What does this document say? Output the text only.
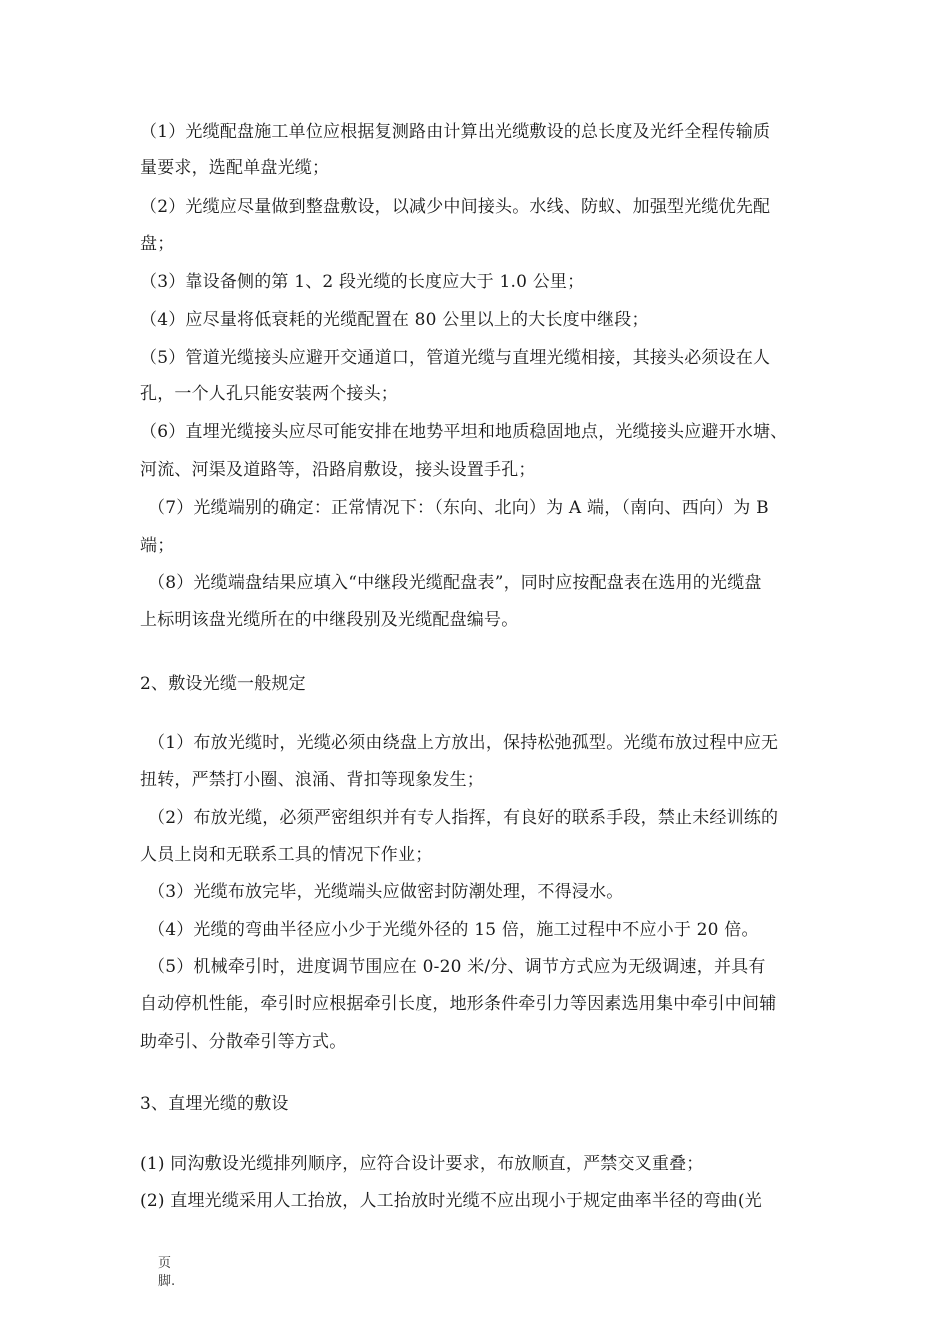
（1）光缆配盘施工单位应根据复测路由计算出光缆敷设的总长度及光纤全程传输质
量要求，选配单盘光缆；
（2）光缆应尽量做到整盘敷设，以减少中间接头。水线、防蚁、加强型光缆优先配
盘；
（3）靠设备侧的第 1、2 段光缆的长度应大于 1.0 公里；
（4）应尽量将低衰耗的光缆配置在 80 公里以上的大长度中继段；
（5）管道光缆接头应避开交通道口，管道光缆与直埋光缆相接，其接头必须设在人
孔，一个人孔只能安装两个接头；
（6）直埋光缆接头应尽可能安排在地势平坦和地质稳固地点，光缆接头应避开水塘、
河流、河渠及道路等，沿路肩敷设，接头设置手孔；
（7）光缆端别的确定：正常情况下：（东向、北向）为 A 端，（南向、西向）为 B
端；
（8）光缆端盘结果应填入“中继段光缆配盘表”，同时应按配盘表在选用的光缆盘
上标明该盘光缆所在的中继段别及光缆配盘编号。
2、敷设光缆一般规定
（1）布放光缆时，光缆必须由绕盘上方放出，保持松弛孤型。光缆布放过程中应无
扭转，严禁打小圈、浪涌、背扣等现象发生；
（2）布放光缆，必须严密组织并有专人指挥，有良好的联系手段，禁止未经训练的
人员上岗和无联系工具的情况下作业；
（3）光缆布放完毕，光缆端头应做密封防潮处理，不得浸水。
（4）光缆的弯曲半径应小少于光缆外径的 15 倍，施工过程中不应小于 20 倍。
（5）机械牵引时，进度调节围应在 0-20 米/分、调节方式应为无级调速，并具有
自动停机性能，牵引时应根据牵引长度，地形条件牵引力等因素选用集中牵引中间辅
助牵引、分散牵引等方式。
3、直埋光缆的敷设
(1) 同沟敷设光缆排列顺序，应符合设计要求，布放顺直，严禁交叉重叠；
(2) 直埋光缆采用人工抬放，人工抬放时光缆不应出现小于规定曲率半径的弯曲(光
页
脚.
